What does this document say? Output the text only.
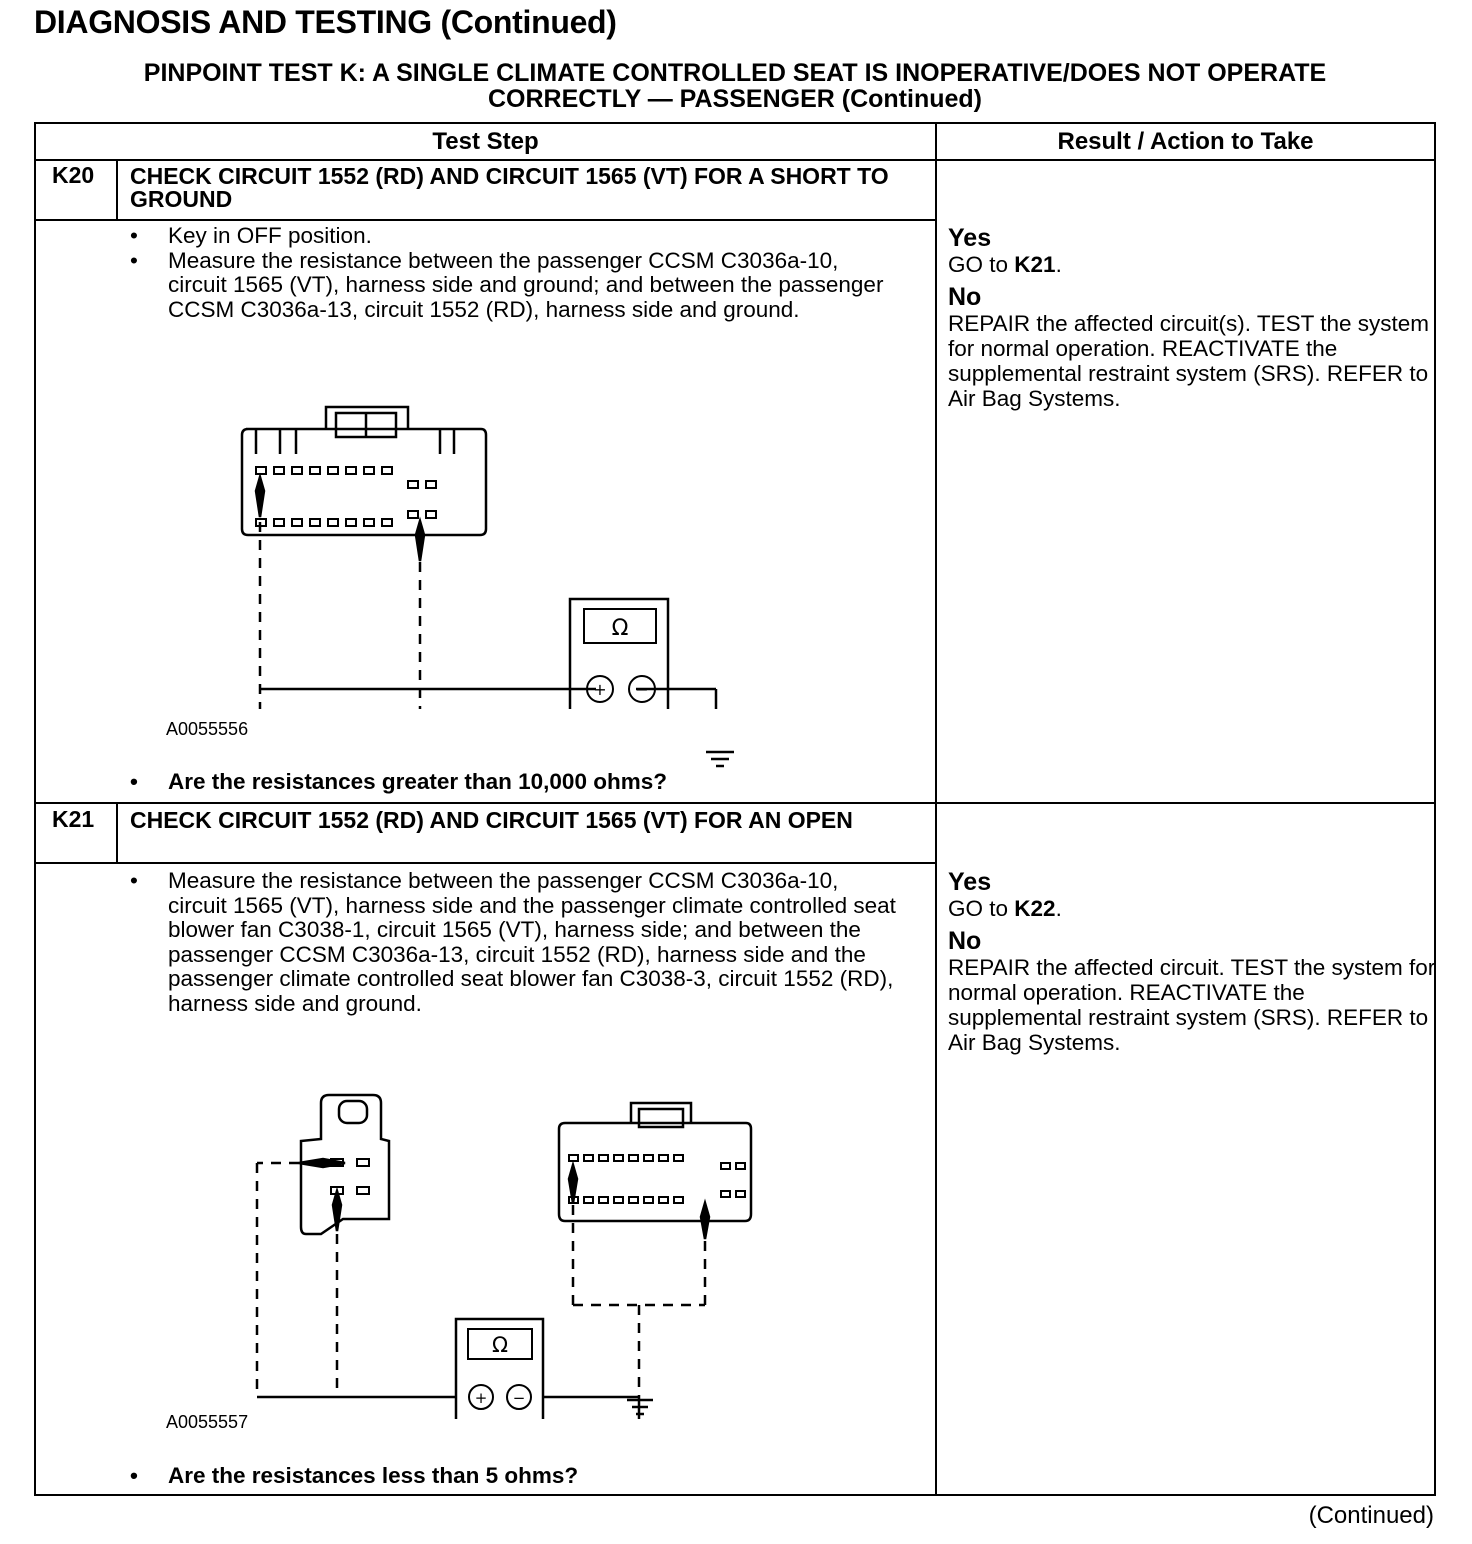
DIAGNOSIS AND TESTING (Continued)
PINPOINT TEST K: A SINGLE CLIMATE CONTROLLED SEAT IS INOPERATIVE/DOES NOT OPERATE
CORRECTLY — PASSENGER (Continued)
Test Step	Result / Action to Take
K20 CHECK CIRCUIT 1552 (RD) AND CIRCUIT 1565 (VT) FOR A SHORT TO GROUND
• Key in OFF position.
• Measure the resistance between the passenger CCSM C3036a-10, circuit 1565 (VT), harness side and ground; and between the passenger CCSM C3036a-13, circuit 1552 (RD), harness side and ground.
Ω
+ −
A0055556
• Are the resistances greater than 10,000 ohms?
Yes
GO to K21.
No
REPAIR the affected circuit(s). TEST the system for normal operation. REACTIVATE the supplemental restraint system (SRS). REFER to Air Bag Systems.
K21 CHECK CIRCUIT 1552 (RD) AND CIRCUIT 1565 (VT) FOR AN OPEN
• Measure the resistance between the passenger CCSM C3036a-10, circuit 1565 (VT), harness side and the passenger climate controlled seat blower fan C3038-1, circuit 1565 (VT), harness side; and between the passenger CCSM C3036a-13, circuit 1552 (RD), harness side and the passenger climate controlled seat blower fan C3038-3, circuit 1552 (RD), harness side and ground.
Ω
+ −
A0055557
• Are the resistances less than 5 ohms?
Yes
GO to K22.
No
REPAIR the affected circuit. TEST the system for normal operation. REACTIVATE the supplemental restraint system (SRS). REFER to Air Bag Systems.
(Continued)
